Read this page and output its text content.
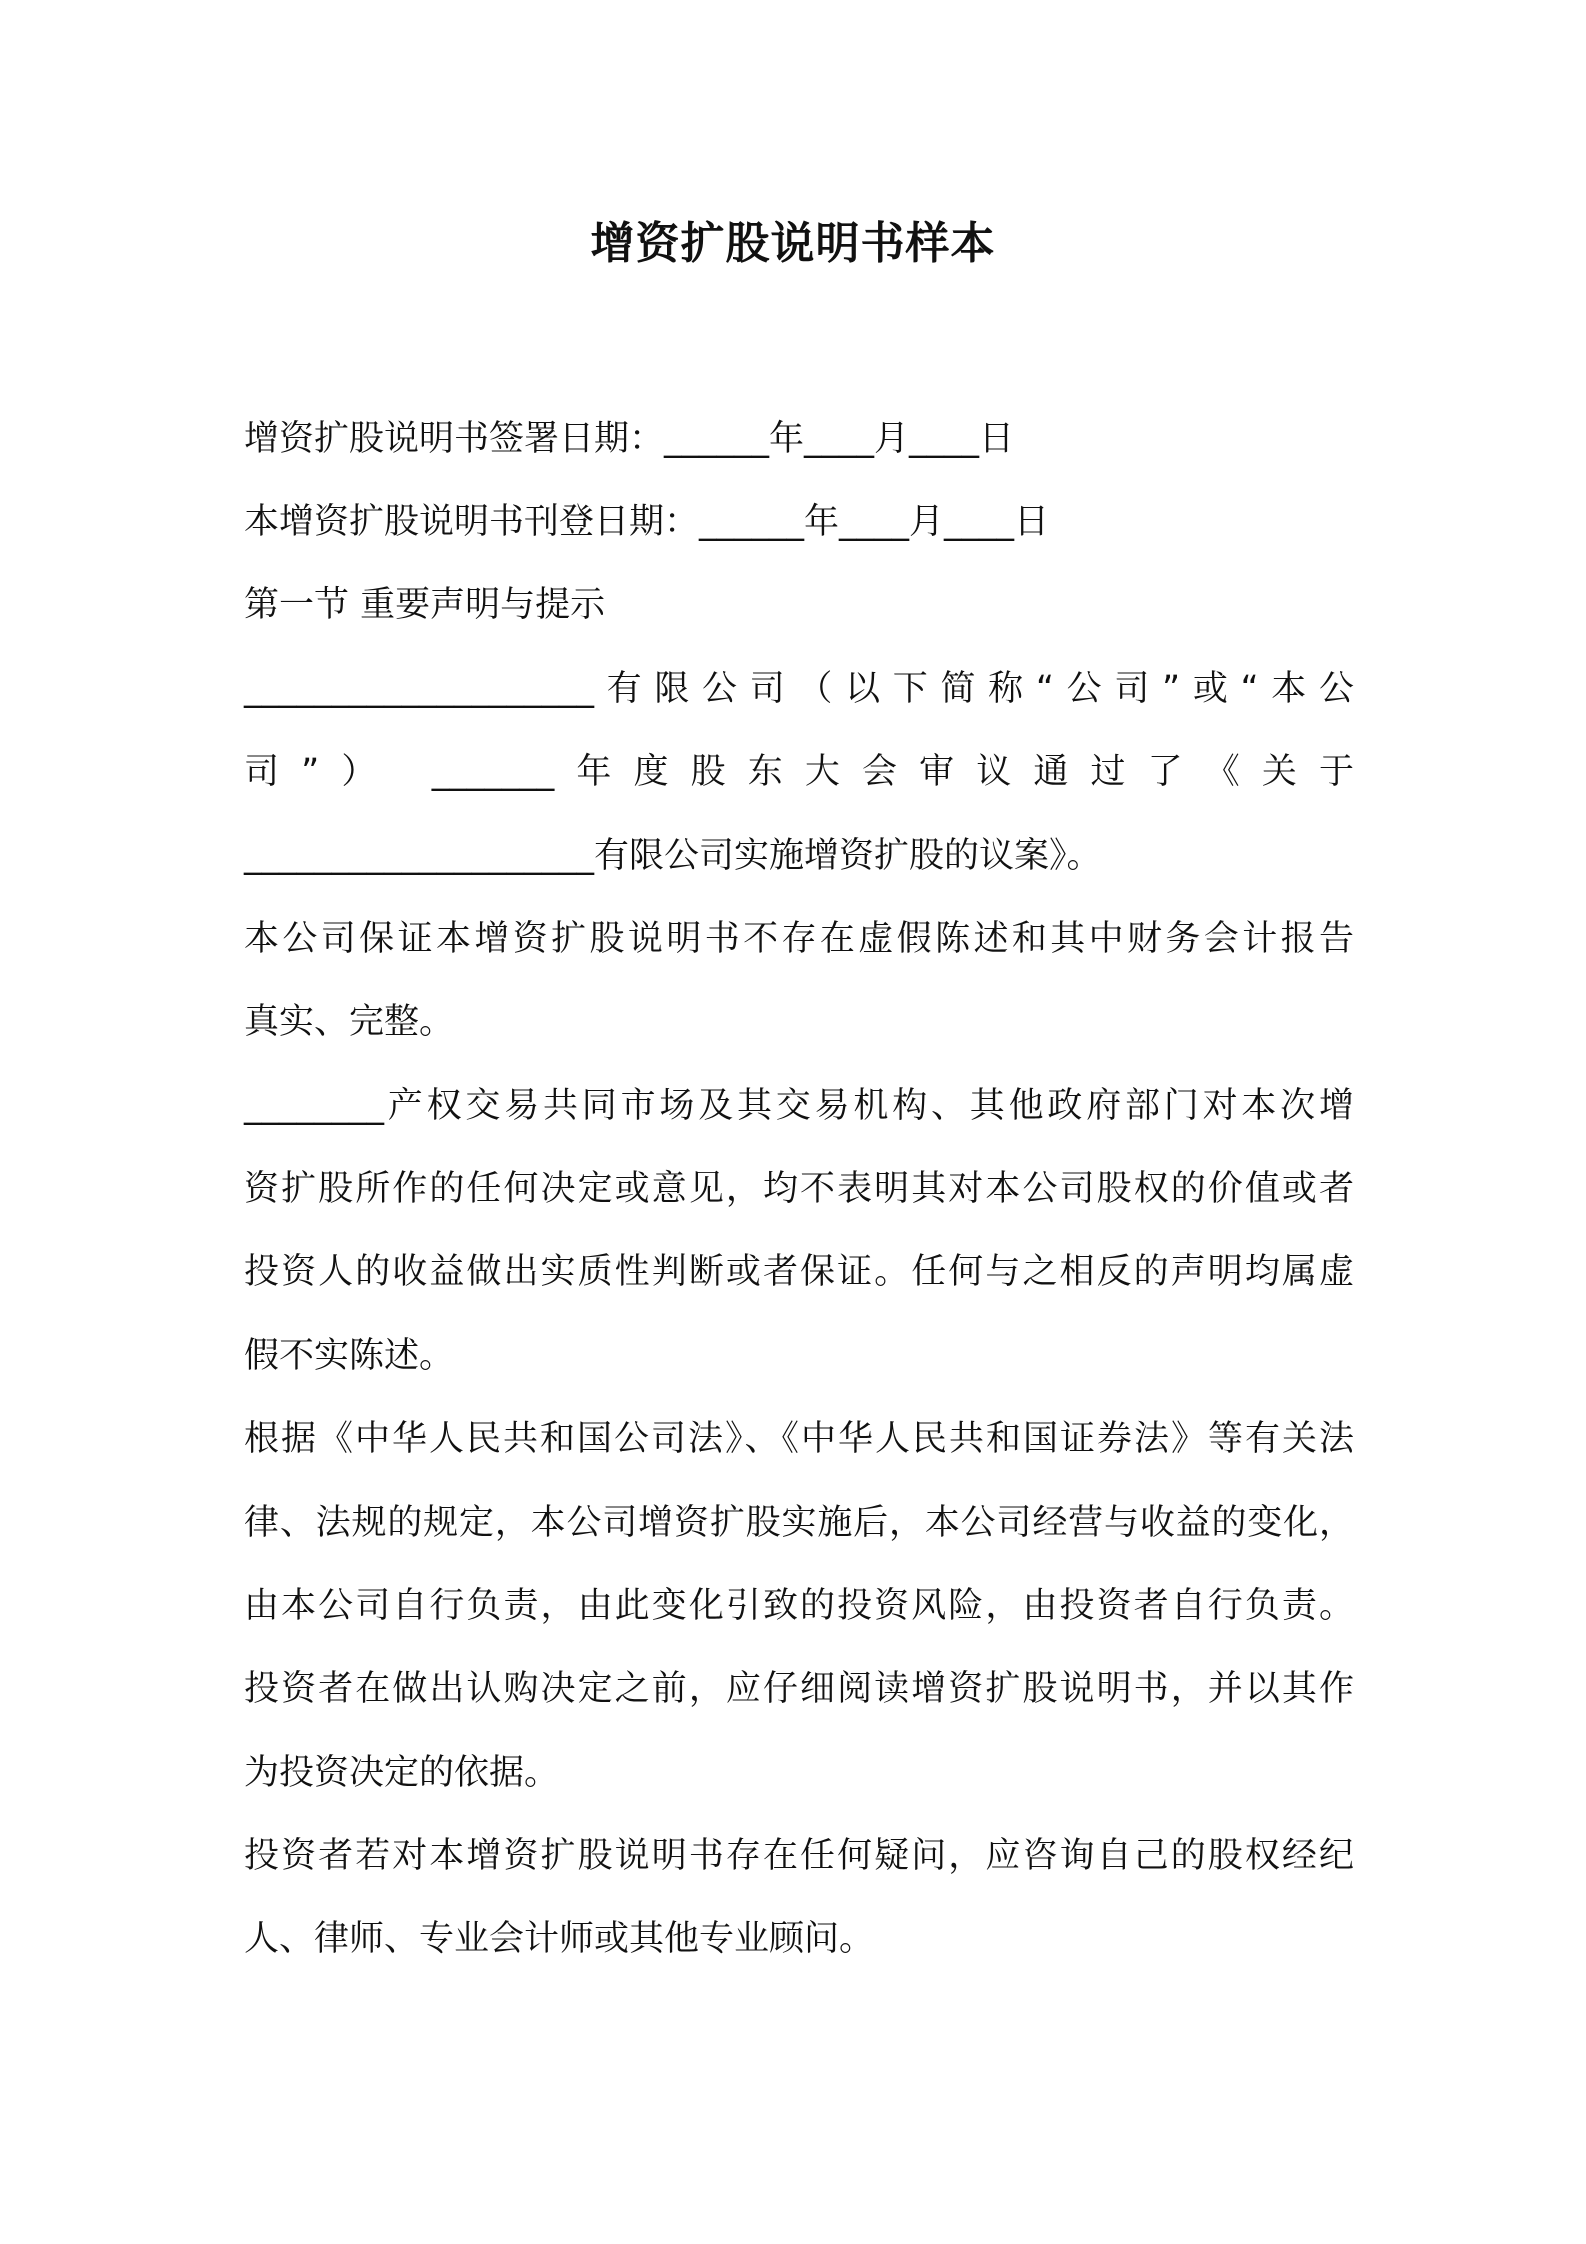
增资扩股说明书样本

增资扩股说明书签署日期：______年____月____日

本增资扩股说明书刊登日期：______年____月____日

第一节 重要声明与提示

____________________有限公司（以下简称“公司”或“本公

司”） _______年度股东大会审议通过了《关于

____________________有限公司实施增资扩股的议案》。

本公司保证本增资扩股说明书不存在虚假陈述和其中财务会计报告

真实、完整。

________产权交易共同市场及其交易机构、其他政府部门对本次增

资扩股所作的任何决定或意见，均不表明其对本公司股权的价值或者

投资人的收益做出实质性判断或者保证。任何与之相反的声明均属虚

假不实陈述。

根据《中华人民共和国公司法》、《中华人民共和国证券法》等有关法

律、法规的规定，本公司增资扩股实施后，本公司经营与收益的变化，

由本公司自行负责，由此变化引致的投资风险，由投资者自行负责。

投资者在做出认购决定之前，应仔细阅读增资扩股说明书，并以其作

为投资决定的依据。

投资者若对本增资扩股说明书存在任何疑问，应咨询自己的股权经纪

人、律师、专业会计师或其他专业顾问。
